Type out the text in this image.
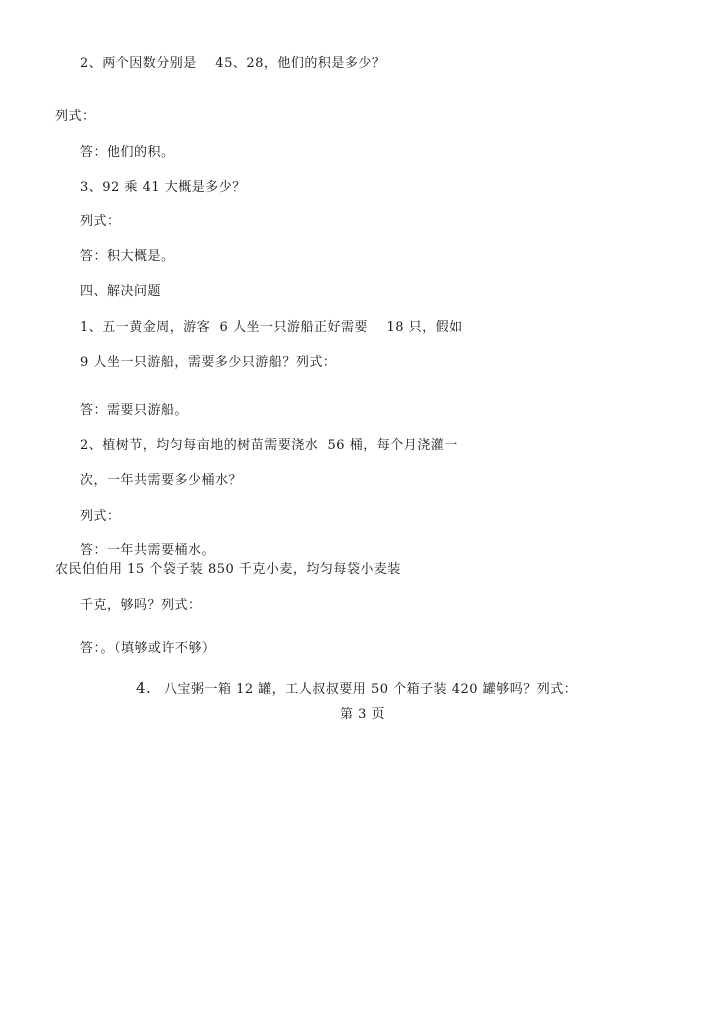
2、两个因数分别是    45、28，他们的积是多少？
列式：
答：他们的积。
3、92 乘 41 大概是多少？
列式：
答：积大概是。
四、解决问题
1、五一黄金周，游客  6 人坐一只游船正好需要    18 只，假如
9 人坐一只游船，需要多少只游船？列式：
答：需要只游船。
2、植树节，均匀每亩地的树苗需要浇水  56 桶，每个月浇灌一
次，一年共需要多少桶水？
列式：
答：一年共需要桶水。
农民伯伯用 15 个袋子装 850 千克小麦，均匀每袋小麦装
千克，够吗？列式：
答：。（填够或许不够）
4. 八宝粥一箱 12 罐，工人叔叔要用 50 个箱子装 420 罐够吗？列式：
第 3 页
